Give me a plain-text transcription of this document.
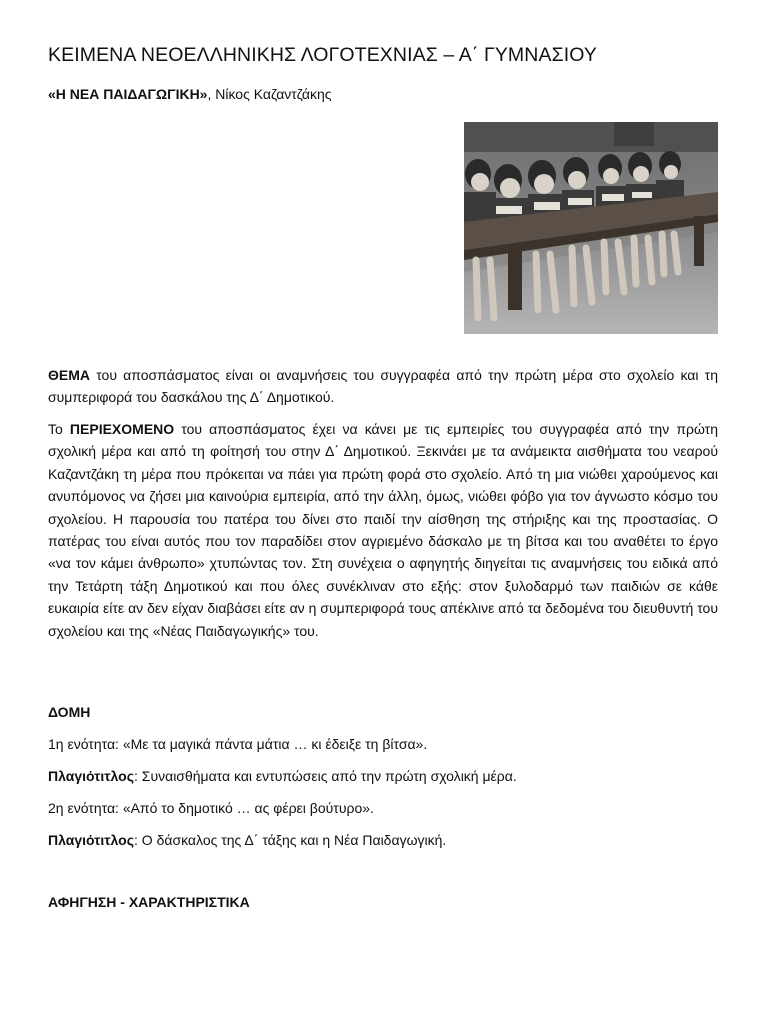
ΚΕΙΜΕΝΑ ΝΕΟΕΛΛΗΝΙΚΗΣ ΛΟΓΟΤΕΧΝΙΑΣ – Α΄ ΓΥΜΝΑΣΙΟΥ

«Η ΝΕΑ ΠΑΙΔΑΓΩΓΙΚΗ», Νίκος Καζαντζάκης

ΘΕΜΑ του αποσπάσματος είναι οι αναμνήσεις του συγγραφέα από την πρώτη μέρα στο σχολείο και τη συμπεριφορά του δασκάλου της Δ΄ Δημοτικού.

Το ΠΕΡΙΕΧΟΜΕΝΟ του αποσπάσματος έχει να κάνει με τις εμπειρίες του συγγραφέα από την πρώτη σχολική μέρα και από τη φοίτησή του στην Δ΄ Δημοτικού. Ξεκινάει με τα ανάμεικτα αισθήματα του νεαρού Καζαντζάκη τη μέρα που πρόκειται να πάει για πρώτη φορά στο σχολείο. Από τη μια νιώθει χαρούμενος και ανυπόμονος να ζήσει μια καινούρια εμπειρία, από την άλλη, όμως, νιώθει φόβο για τον άγνωστο κόσμο του σχολείου. Η παρουσία του πατέρα του δίνει στο παιδί την αίσθηση της στήριξης και της προστασίας. Ο πατέρας του είναι αυτός που τον παραδίδει στον αγριεμένο δάσκαλο με τη βίτσα και του αναθέτει το έργο «να τον κάμει άνθρωπο» χτυπώντας τον. Στη συνέχεια ο αφηγητής διηγείται τις αναμνήσεις του ειδικά από την Τετάρτη τάξη Δημοτικού και που όλες συνέκλιναν στο εξής: στον ξυλοδαρμό των παιδιών σε κάθε ευκαιρία είτε αν δεν είχαν διαβάσει είτε αν η συμπεριφορά τους απέκλινε από τα δεδομένα του διευθυντή του σχολείου και της «Νέας Παιδαγωγικής» του.

ΔΟΜΗ

1η ενότητα: «Με τα μαγικά πάντα μάτια … κι έδειξε τη βίτσα».

Πλαγιότιτλος: Συναισθήματα και εντυπώσεις από την πρώτη σχολική μέρα.

2η ενότητα: «Από το δημοτικό … ας φέρει βούτυρο».

Πλαγιότιτλος: Ο δάσκαλος της Δ΄ τάξης και η Νέα Παιδαγωγική.

ΑΦΗΓΗΣΗ - ΧΑΡΑΚΤΗΡΙΣΤΙΚΑ
